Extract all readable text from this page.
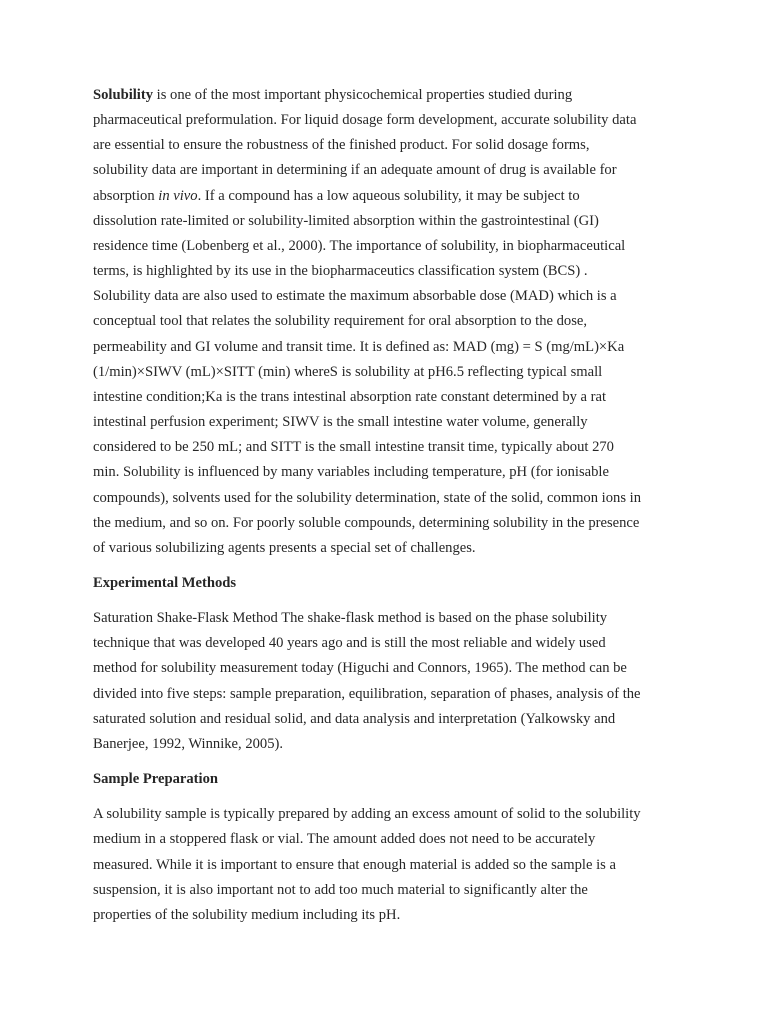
Solubility is one of the most important physicochemical properties studied during
pharmaceutical preformulation. For liquid dosage form development, accurate solubility data
are essential to ensure the robustness of the finished product. For solid dosage forms,
solubility data are important in determining if an adequate amount of drug is available for
absorption in vivo. If a compound has a low aqueous solubility, it may be subject to
dissolution rate-limited or solubility-limited absorption within the gastrointestinal (GI)
residence time (Lobenberg et al., 2000). The importance of solubility, in biopharmaceutical
terms, is highlighted by its use in the biopharmaceutics classification system (BCS) .
Solubility data are also used to estimate the maximum absorbable dose (MAD) which is a
conceptual tool that relates the solubility requirement for oral absorption to the dose,
permeability and GI volume and transit time. It is defined as: MAD (mg) = S (mg/mL)×Ka
(1/min)×SIWV (mL)×SITT (min) whereS is solubility at pH6.5 reflecting typical small
intestine condition;Ka is the trans intestinal absorption rate constant determined by a rat
intestinal perfusion experiment; SIWV is the small intestine water volume, generally
considered to be 250 mL; and SITT is the small intestine transit time, typically about 270
min. Solubility is influenced by many variables including temperature, pH (for ionisable
compounds), solvents used for the solubility determination, state of the solid, common ions in
the medium, and so on. For poorly soluble compounds, determining solubility in the presence
of various solubilizing agents presents a special set of challenges.

Experimental Methods

Saturation Shake-Flask Method The shake-flask method is based on the phase solubility
technique that was developed 40 years ago and is still the most reliable and widely used
method for solubility measurement today (Higuchi and Connors, 1965). The method can be
divided into five steps: sample preparation, equilibration, separation of phases, analysis of the
saturated solution and residual solid, and data analysis and interpretation (Yalkowsky and
Banerjee, 1992, Winnike, 2005).

Sample Preparation

A solubility sample is typically prepared by adding an excess amount of solid to the solubility
medium in a stoppered flask or vial. The amount added does not need to be accurately
measured. While it is important to ensure that enough material is added so the sample is a
suspension, it is also important not to add too much material to significantly alter the
properties of the solubility medium including its pH.
